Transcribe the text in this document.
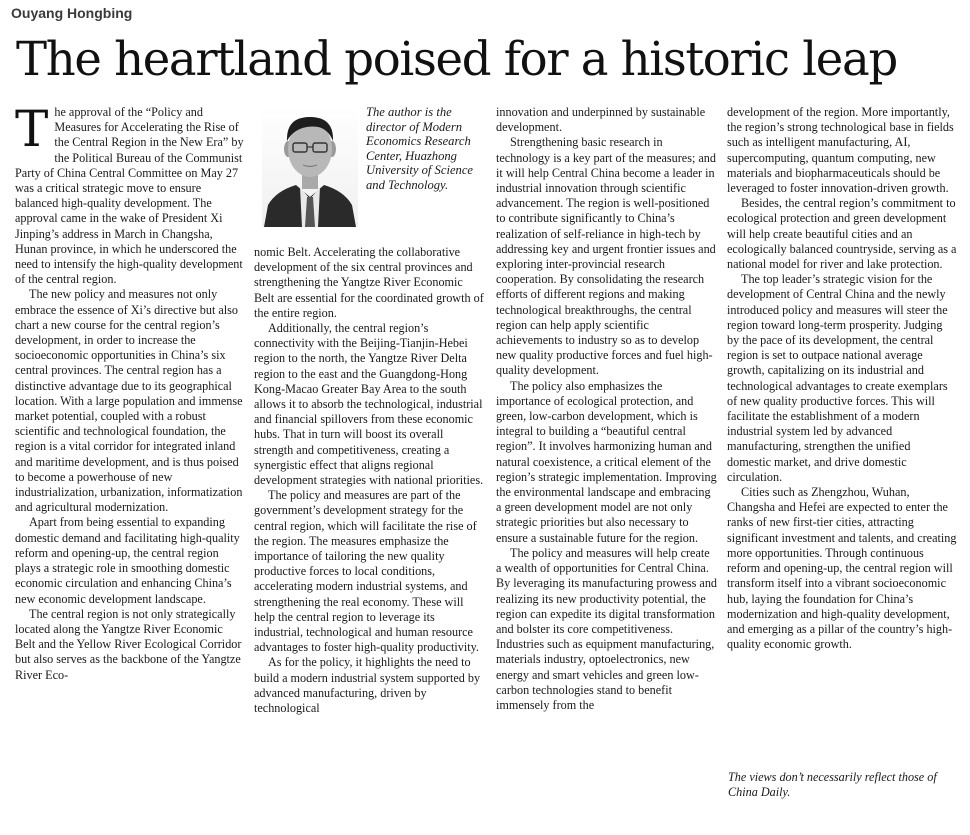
Ouyang Hongbing
The heartland poised for a historic leap

The author is the director of Modern Economics Research Center, Huazhong University of Science and Technology.

T he approval of the “Policy and Measures for Accelerating the Rise of the Central Region in the New Era” by the Political Bureau of the Communist Party of China Central Committee on May 27 was a critical strategic move to ensure balanced high-quality development. The approval came in the wake of President Xi Jinping’s address in March in Changsha, Hunan province, in which he underscored the need to intensify the high-quality development of the central region.

The new policy and measures not only embrace the essence of Xi’s directive but also chart a new course for the central region’s development, in order to increase the socioeconomic opportunities in China’s six central provinces. The central region has a distinctive advantage due to its geographical location. With a large population and immense market potential, coupled with a robust scientific and technological foundation, the region is a vital corridor for integrated inland and maritime development, and is thus poised to become a powerhouse of new industrialization, urbanization, informatization and agricultural modernization.

Apart from being essential to expanding domestic demand and facilitating high-quality reform and opening-up, the central region plays a strategic role in smoothing domestic economic circulation and enhancing China’s new economic development landscape.

The central region is not only strategically located along the Yangtze River Economic Belt and the Yellow River Ecological Corridor but also serves as the backbone of the Yangtze River Eco-

nomic Belt. Accelerating the collaborative development of the six central provinces and strengthening the Yangtze River Economic Belt are essential for the coordinated growth of the entire region.

Additionally, the central region’s connectivity with the Beijing-Tianjin-Hebei region to the north, the Yangtze River Delta region to the east and the Guangdong-Hong Kong-Macao Greater Bay Area to the south allows it to absorb the technological, industrial and financial spillovers from these economic hubs. That in turn will boost its overall strength and competitiveness, creating a synergistic effect that aligns regional development strategies with national priorities.

The policy and measures are part of the government’s development strategy for the central region, which will facilitate the rise of the region. The measures emphasize the importance of tailoring the new quality productive forces to local conditions, accelerating modern industrial systems, and strengthening the real economy. These will help the central region to leverage its industrial, technological and human resource advantages to foster high-quality productivity.

As for the policy, it highlights the need to build a modern industrial system supported by advanced manufacturing, driven by technological

innovation and underpinned by sustainable development.

Strengthening basic research in technology is a key part of the measures; and it will help Central China become a leader in industrial innovation through scientific advancement. The region is well-positioned to contribute significantly to China’s realization of self-reliance in high-tech by addressing key and urgent frontier issues and exploring inter-provincial research cooperation. By consolidating the research efforts of different regions and making technological breakthroughs, the central region can help apply scientific achievements to industry so as to develop new quality productive forces and fuel high-quality development.

The policy also emphasizes the importance of ecological protection, and green, low-carbon development, which is integral to building a “beautiful central region”. It involves harmonizing human and natural coexistence, a critical element of the region’s strategic implementation. Improving the environmental landscape and embracing a green development model are not only strategic priorities but also necessary to ensure a sustainable future for the region.

The policy and measures will help create a wealth of opportunities for Central China. By leveraging its manufacturing prowess and realizing its new productivity potential, the region can expedite its digital transformation and bolster its core competitiveness. Industries such as equipment manufacturing, materials industry, optoelectronics, new energy and smart vehicles and green low-carbon technologies stand to benefit immensely from the

development of the region. More importantly, the region’s strong technological base in fields such as intelligent manufacturing, AI, supercomputing, quantum computing, new materials and biopharmaceuticals should be leveraged to foster innovation-driven growth.

Besides, the central region’s commitment to ecological protection and green development will help create beautiful cities and an ecologically balanced countryside, serving as a national model for river and lake protection.

The top leader’s strategic vision for the development of Central China and the newly introduced policy and measures will steer the region toward long-term prosperity. Judging by the pace of its development, the central region is set to outpace national average growth, capitalizing on its industrial and technological advantages to create exemplars of new quality productive forces. This will facilitate the establishment of a modern industrial system led by advanced manufacturing, strengthen the unified domestic market, and drive domestic circulation.

Cities such as Zhengzhou, Wuhan, Changsha and Hefei are expected to enter the ranks of new first-tier cities, attracting significant investment and talents, and creating more opportunities. Through continuous reform and opening-up, the central region will transform itself into a vibrant socioeconomic hub, laying the foundation for China’s modernization and high-quality development, and emerging as a pillar of the country’s high-quality economic growth.

The views don’t necessarily reflect those of China Daily.
